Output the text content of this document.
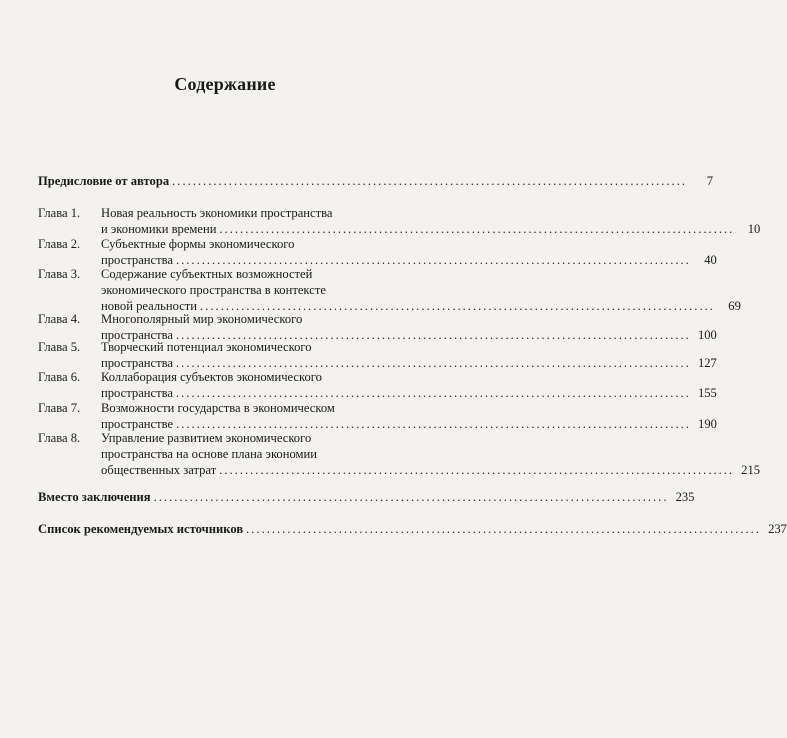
Содержание
Предисловие от автора ....................................................................................................	7
Глава 1. Новая реальность экономики пространства
и экономики времени ....................................................................................................	10
Глава 2. Субъектные формы экономического
пространства ....................................................................................................	40
Глава 3. Содержание субъектных возможностей
экономического пространства в контексте
новой реальности ....................................................................................................	69
Глава 4. Многополярный мир экономического
пространства .................................................................................................... 100
Глава 5. Творческий потенциал экономического
пространства .................................................................................................... 127
Глава 6. Коллаборация субъектов экономического
пространства .................................................................................................... 155
Глава 7. Возможности государства в экономическом
пространстве .................................................................................................... 190
Глава 8. Управление развитием экономического
пространства на основе плана экономии
общественных затрат .................................................................................................... 215
Вместо заключения .................................................................................................... 235
Список рекомендуемых источников .................................................................................................... 237
